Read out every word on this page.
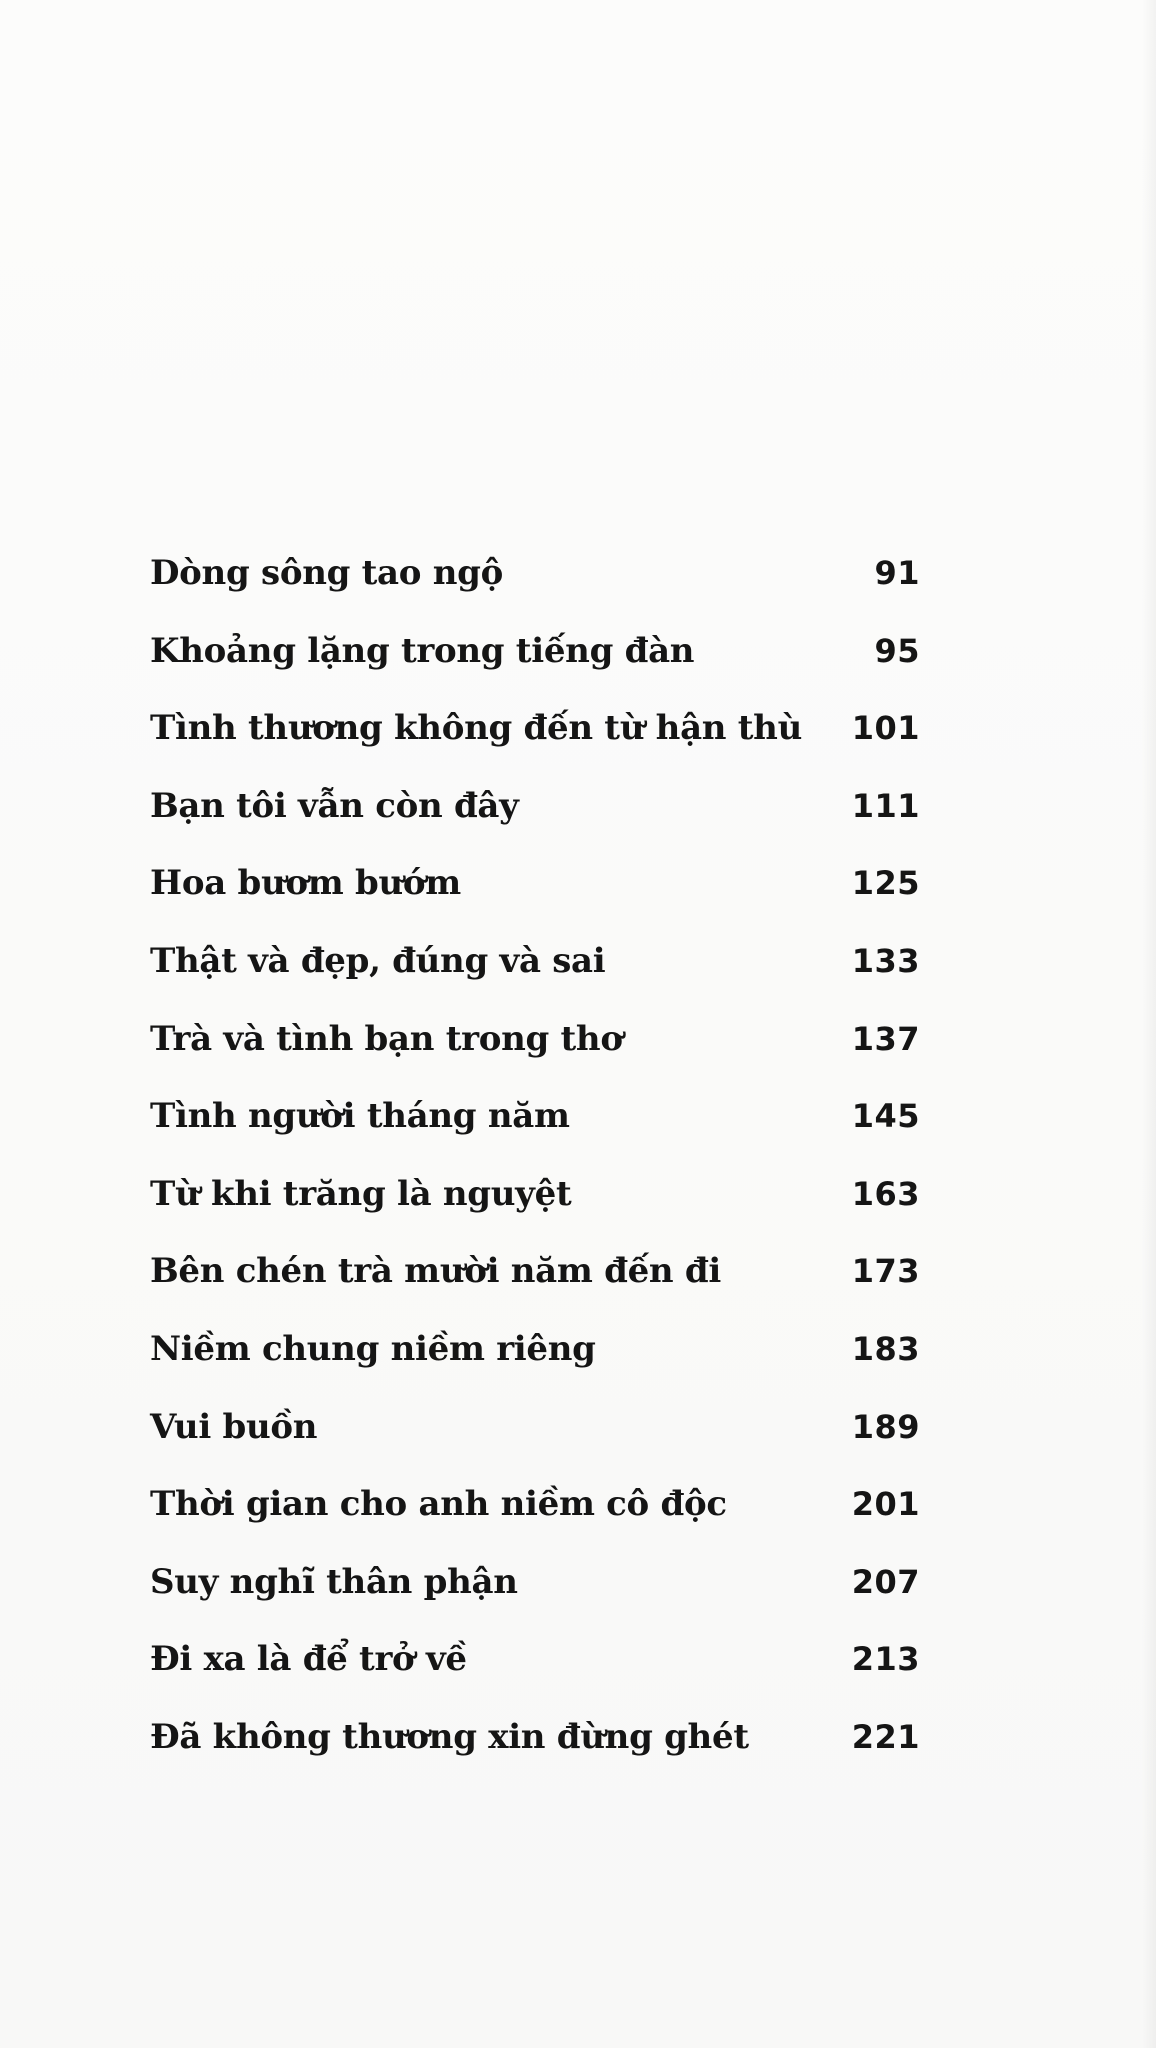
Dòng sông tao ngộ	91
Khoảng lặng trong tiếng đàn	95
Tình thương không đến từ hận thù	101
Bạn tôi vẫn còn đây	111
Hoa bươm bướm	125
Thật và đẹp, đúng và sai	133
Trà và tình bạn trong thơ	137
Tình người tháng năm	145
Từ khi trăng là nguyệt	163
Bên chén trà mười năm đến đi	173
Niềm chung niềm riêng	183
Vui buồn	189
Thời gian cho anh niềm cô độc	201
Suy nghĩ thân phận	207
Đi xa là để trở về	213
Đã không thương xin đừng ghét	221
